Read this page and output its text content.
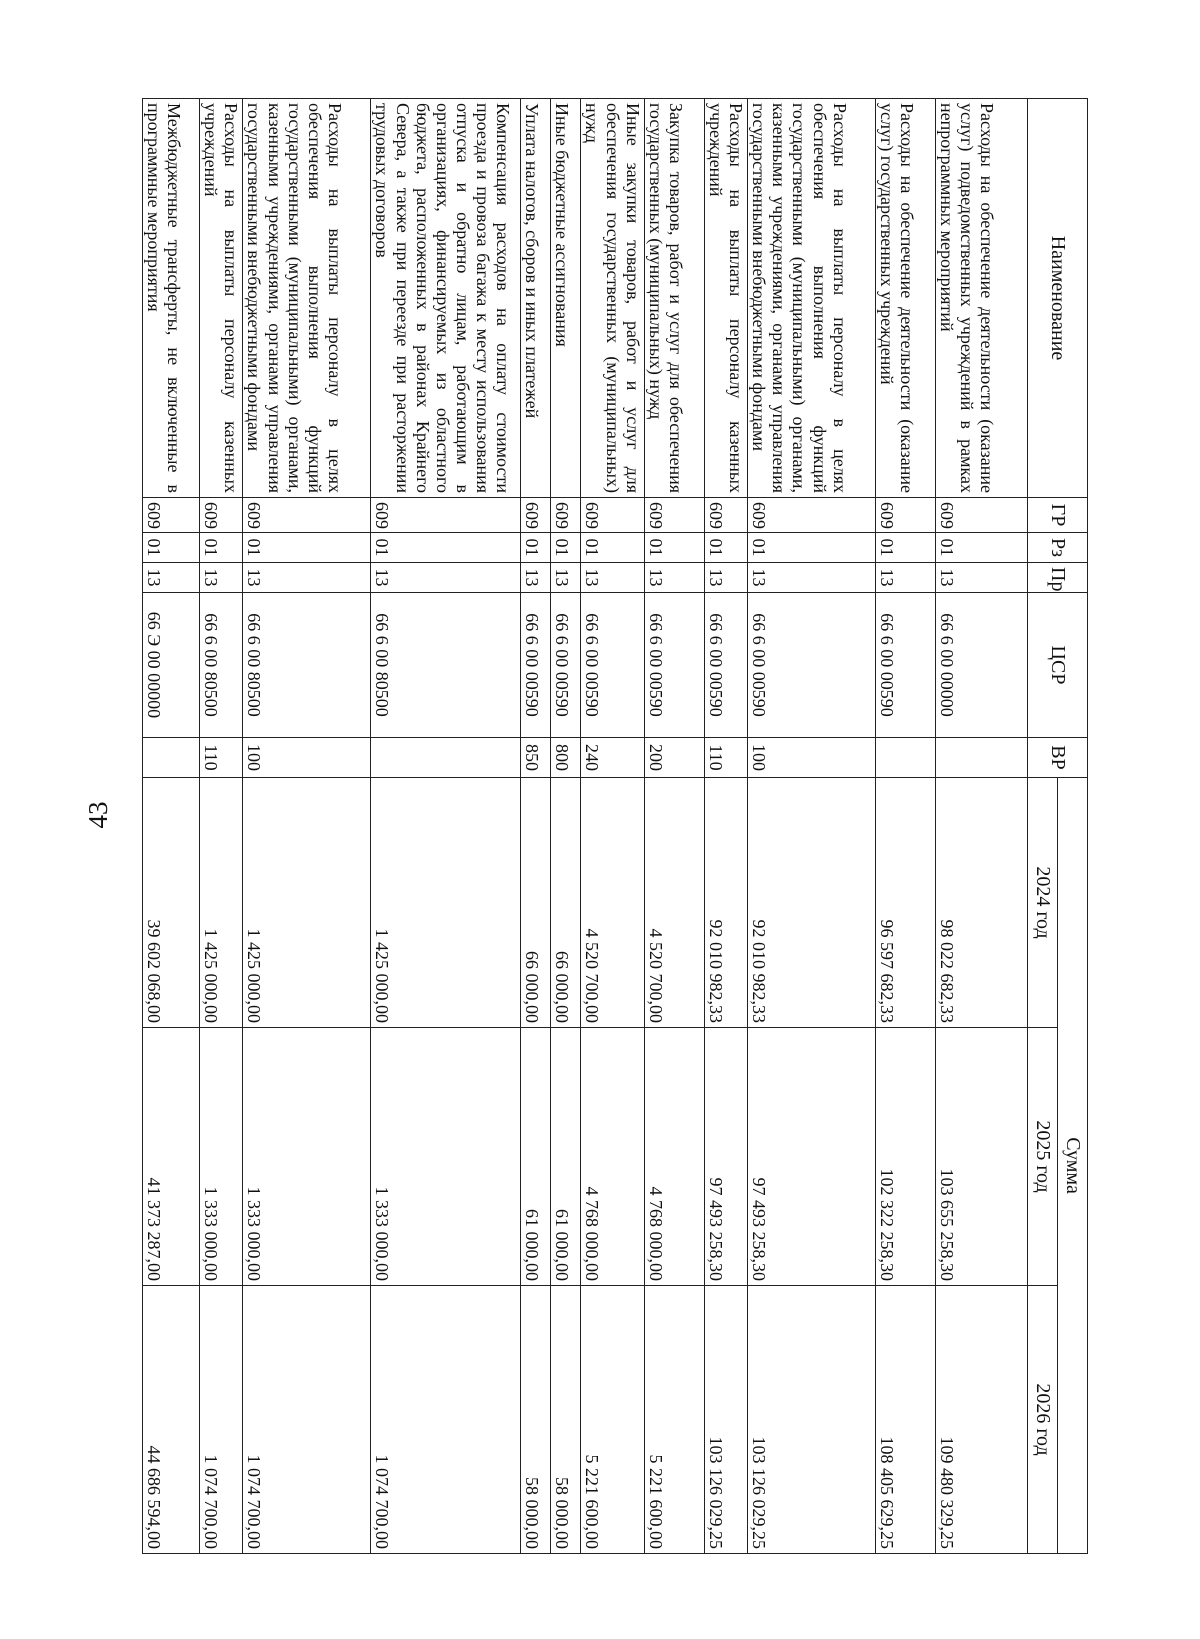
43
Наименование	ГР	Рз	Пр	ЦСР	ВР	Сумма		
						2024 год	2025 год	2026 год
Расходы на обеспечение деятельности (оказание услуг) подведомственных учреждений в рамках непрограммных мероприятий	609	01	13	66 6 00 00000		98 022 682,33	103 655 258,30	109 480 329,25
Расходы на обеспечение деятельности (оказание услуг) государственных учреждений	609	01	13	66 6 00 00590		96 597 682,33	102 322 258,30	108 405 629,25
Расходы на выплаты персоналу в целях обеспечения выполнения функций государственными (муниципальными) органами, казенными учреждениями, органами управления государственными внебюджетными фондами	609	01	13	66 6 00 00590	100	92 010 982,33	97 493 258,30	103 126 029,25
Расходы на выплаты персоналу казенных учреждений	609	01	13	66 6 00 00590	110	92 010 982,33	97 493 258,30	103 126 029,25
Закупка товаров, работ и услуг для обеспечения государственных (муниципальных) нужд	609	01	13	66 6 00 00590	200	4 520 700,00	4 768 000,00	5 221 600,00
Иные закупки товаров, работ и услуг для обеспечения государственных (муниципальных) нужд	609	01	13	66 6 00 00590	240	4 520 700,00	4 768 000,00	5 221 600,00
Иные бюджетные ассигнования	609	01	13	66 6 00 00590	800	66 000,00	61 000,00	58 000,00
Уплата налогов, сборов и иных платежей	609	01	13	66 6 00 00590	850	66 000,00	61 000,00	58 000,00
Компенсация расходов на оплату стоимости проезда и провоза багажа к месту использования отпуска и обратно лицам, работающим в организациях, финансируемых из областного бюджета, расположенных в районах Крайнего Севера, а также при переезде при расторжении трудовых договоров	609	01	13	66 6 00 80500		1 425 000,00	1 333 000,00	1 074 700,00
Расходы на выплаты персоналу в целях обеспечения выполнения функций государственными (муниципальными) органами, казенными учреждениями, органами управления государственными внебюджетными фондами	609	01	13	66 6 00 80500	100	1 425 000,00	1 333 000,00	1 074 700,00
Расходы на выплаты персоналу казенных учреждений	609	01	13	66 6 00 80500	110	1 425 000,00	1 333 000,00	1 074 700,00
Межбюджетные трансферты, не включенные в программные мероприятия	609	01	13	66 Э 00 00000		39 602 068,00	41 373 287,00	44 686 594,00
